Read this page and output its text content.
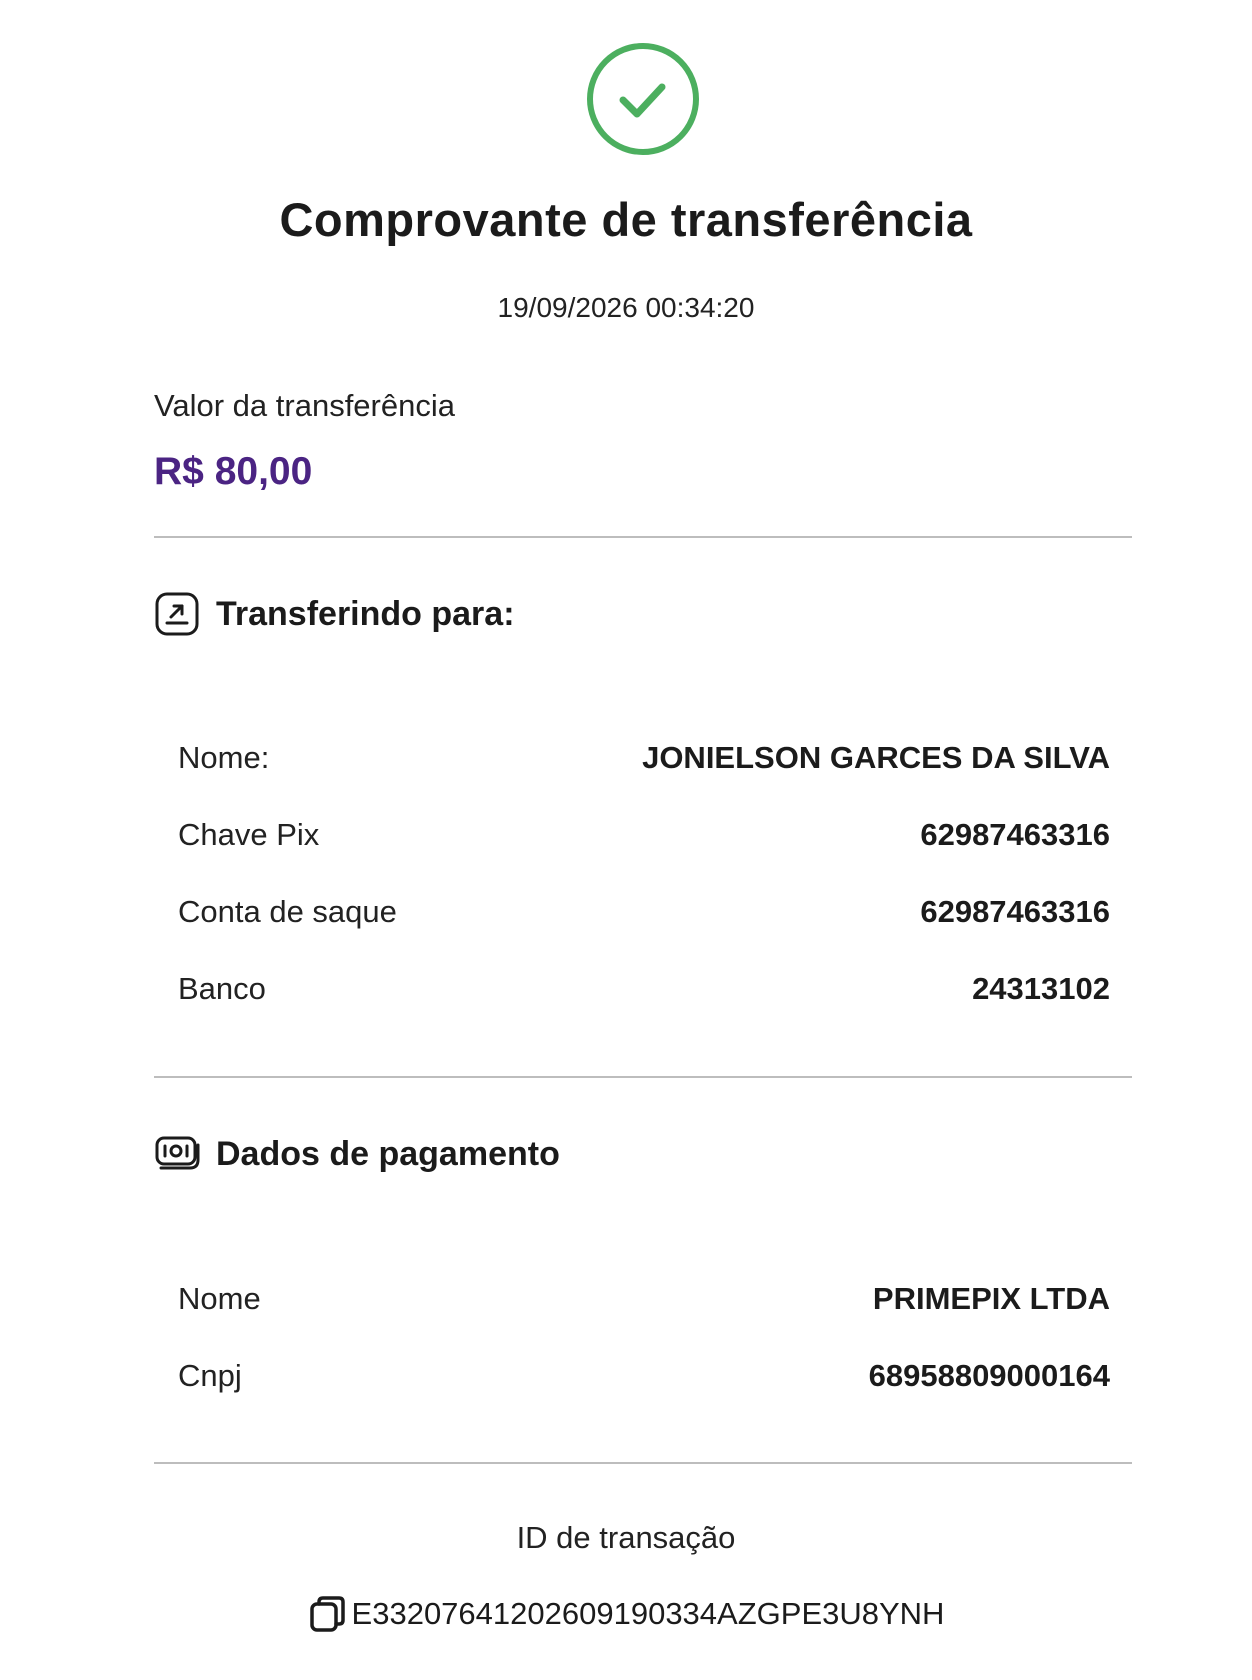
Comprovante de transferência
19/09/2026 00:34:20
Valor da transferência
R$ 80,00
Transferindo para:
Nome:	JONIELSON GARCES DA SILVA
Chave Pix	62987463316
Conta de saque	62987463316
Banco	24313102
Dados de pagamento
Nome	PRIMEPIX LTDA
Cnpj	68958809000164
ID de transação
E33207641202609190334AZGPE3U8YNH
